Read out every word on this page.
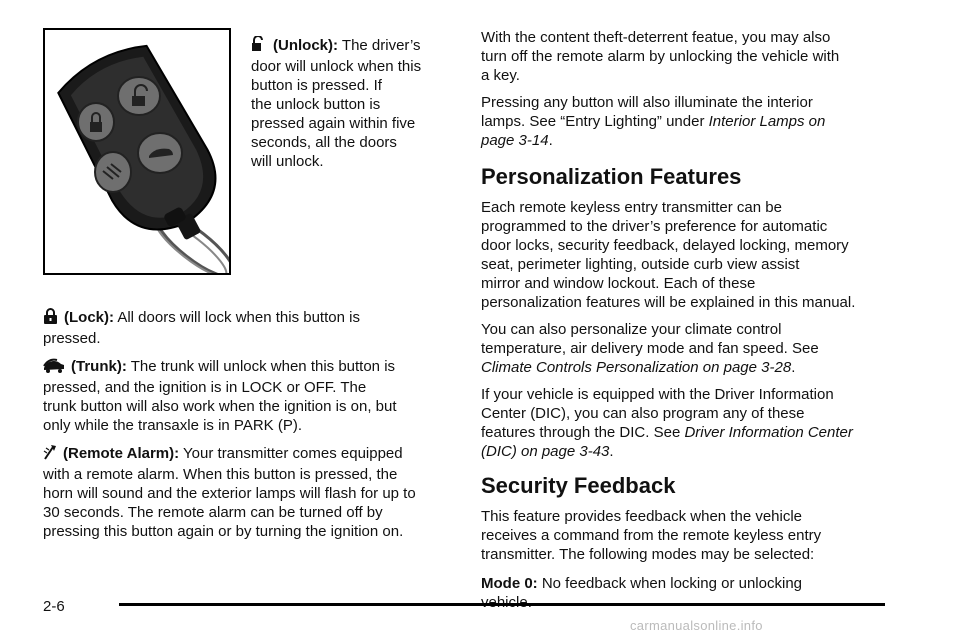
(Unlock): The driver’s

door will unlock when this

button is pressed. If

the unlock button is

pressed again within five

seconds, all the doors

will unlock.

(Lock): All doors will lock when this button is

pressed.

(Trunk): The trunk will unlock when this button is

pressed, and the ignition is in LOCK or OFF. The

trunk button will also work when the ignition is on, but

only while the transaxle is in PARK (P).

(Remote Alarm): Your transmitter comes equipped

with a remote alarm. When this button is pressed, the

horn will sound and the exterior lamps will flash for up to

30 seconds. The remote alarm can be turned off by

pressing this button again or by turning the ignition on.

With the content theft-deterrent featue, you may also

turn off the remote alarm by unlocking the vehicle with

a key.

Pressing any button will also illuminate the interior

lamps. See “Entry Lighting” under Interior Lamps on

page 3-14.

Personalization Features

Each remote keyless entry transmitter can be

programmed to the driver’s preference for automatic

door locks, security feedback, delayed locking, memory

seat, perimeter lighting, outside curb view assist

mirror and window lockout. Each of these

personalization features will be explained in this manual.

You can also personalize your climate control

temperature, air delivery mode and fan speed. See

Climate Controls Personalization on page 3-28.

If your vehicle is equipped with the Driver Information

Center (DIC), you can also program any of these

features through the DIC. See Driver Information Center

(DIC) on page 3-43.

Security Feedback

This feature provides feedback when the vehicle

receives a command from the remote keyless entry

transmitter. The following modes may be selected:

Mode 0: No feedback when locking or unlocking

2-6
carmanualsonline.info
